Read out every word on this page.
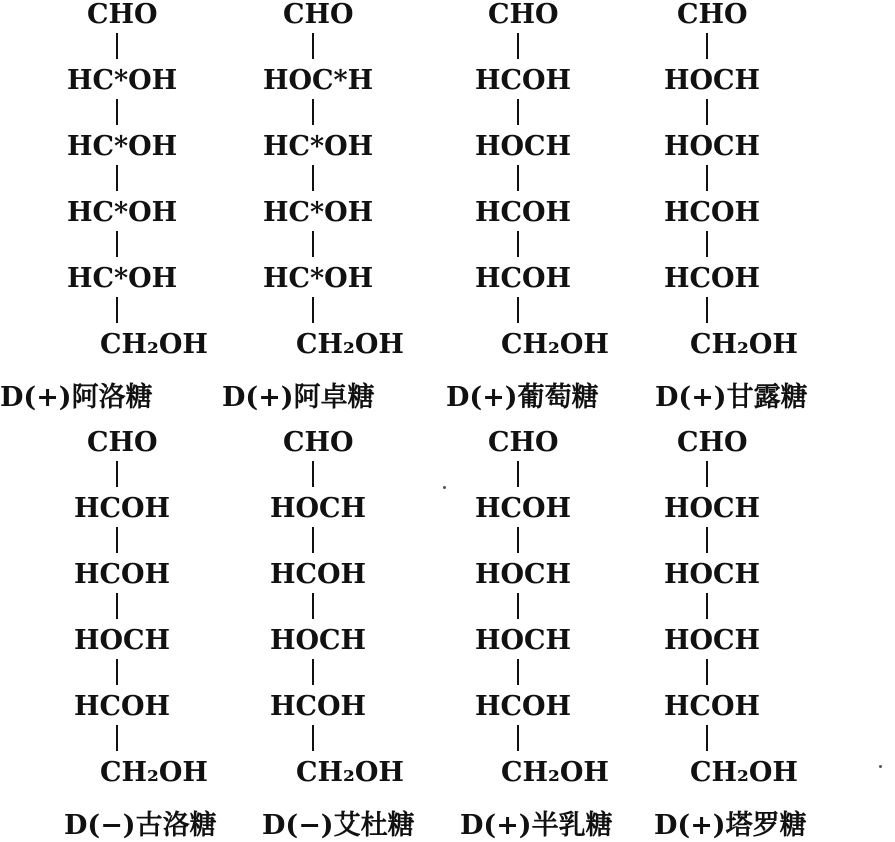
CHO
HC*OH
HC*OH
HC*OH
HC*OH
CH₂OH
D(+)阿洛糖
CHO
HOC*H
HC*OH
HC*OH
HC*OH
CH₂OH
D(+)阿卓糖
CHO
HCOH
HOCH
HCOH
HCOH
CH₂OH
D(+)葡萄糖
CHO
HOCH
HOCH
HCOH
HCOH
CH₂OH
D(+)甘露糖
CHO
HCOH
HCOH
HOCH
HCOH
CH₂OH
D(−)古洛糖
CHO
HOCH
HCOH
HOCH
HCOH
CH₂OH
D(−)艾杜糖
CHO
HCOH
HOCH
HOCH
HCOH
CH₂OH
D(+)半乳糖
CHO
HOCH
HOCH
HOCH
HCOH
CH₂OH
D(+)塔罗糖
